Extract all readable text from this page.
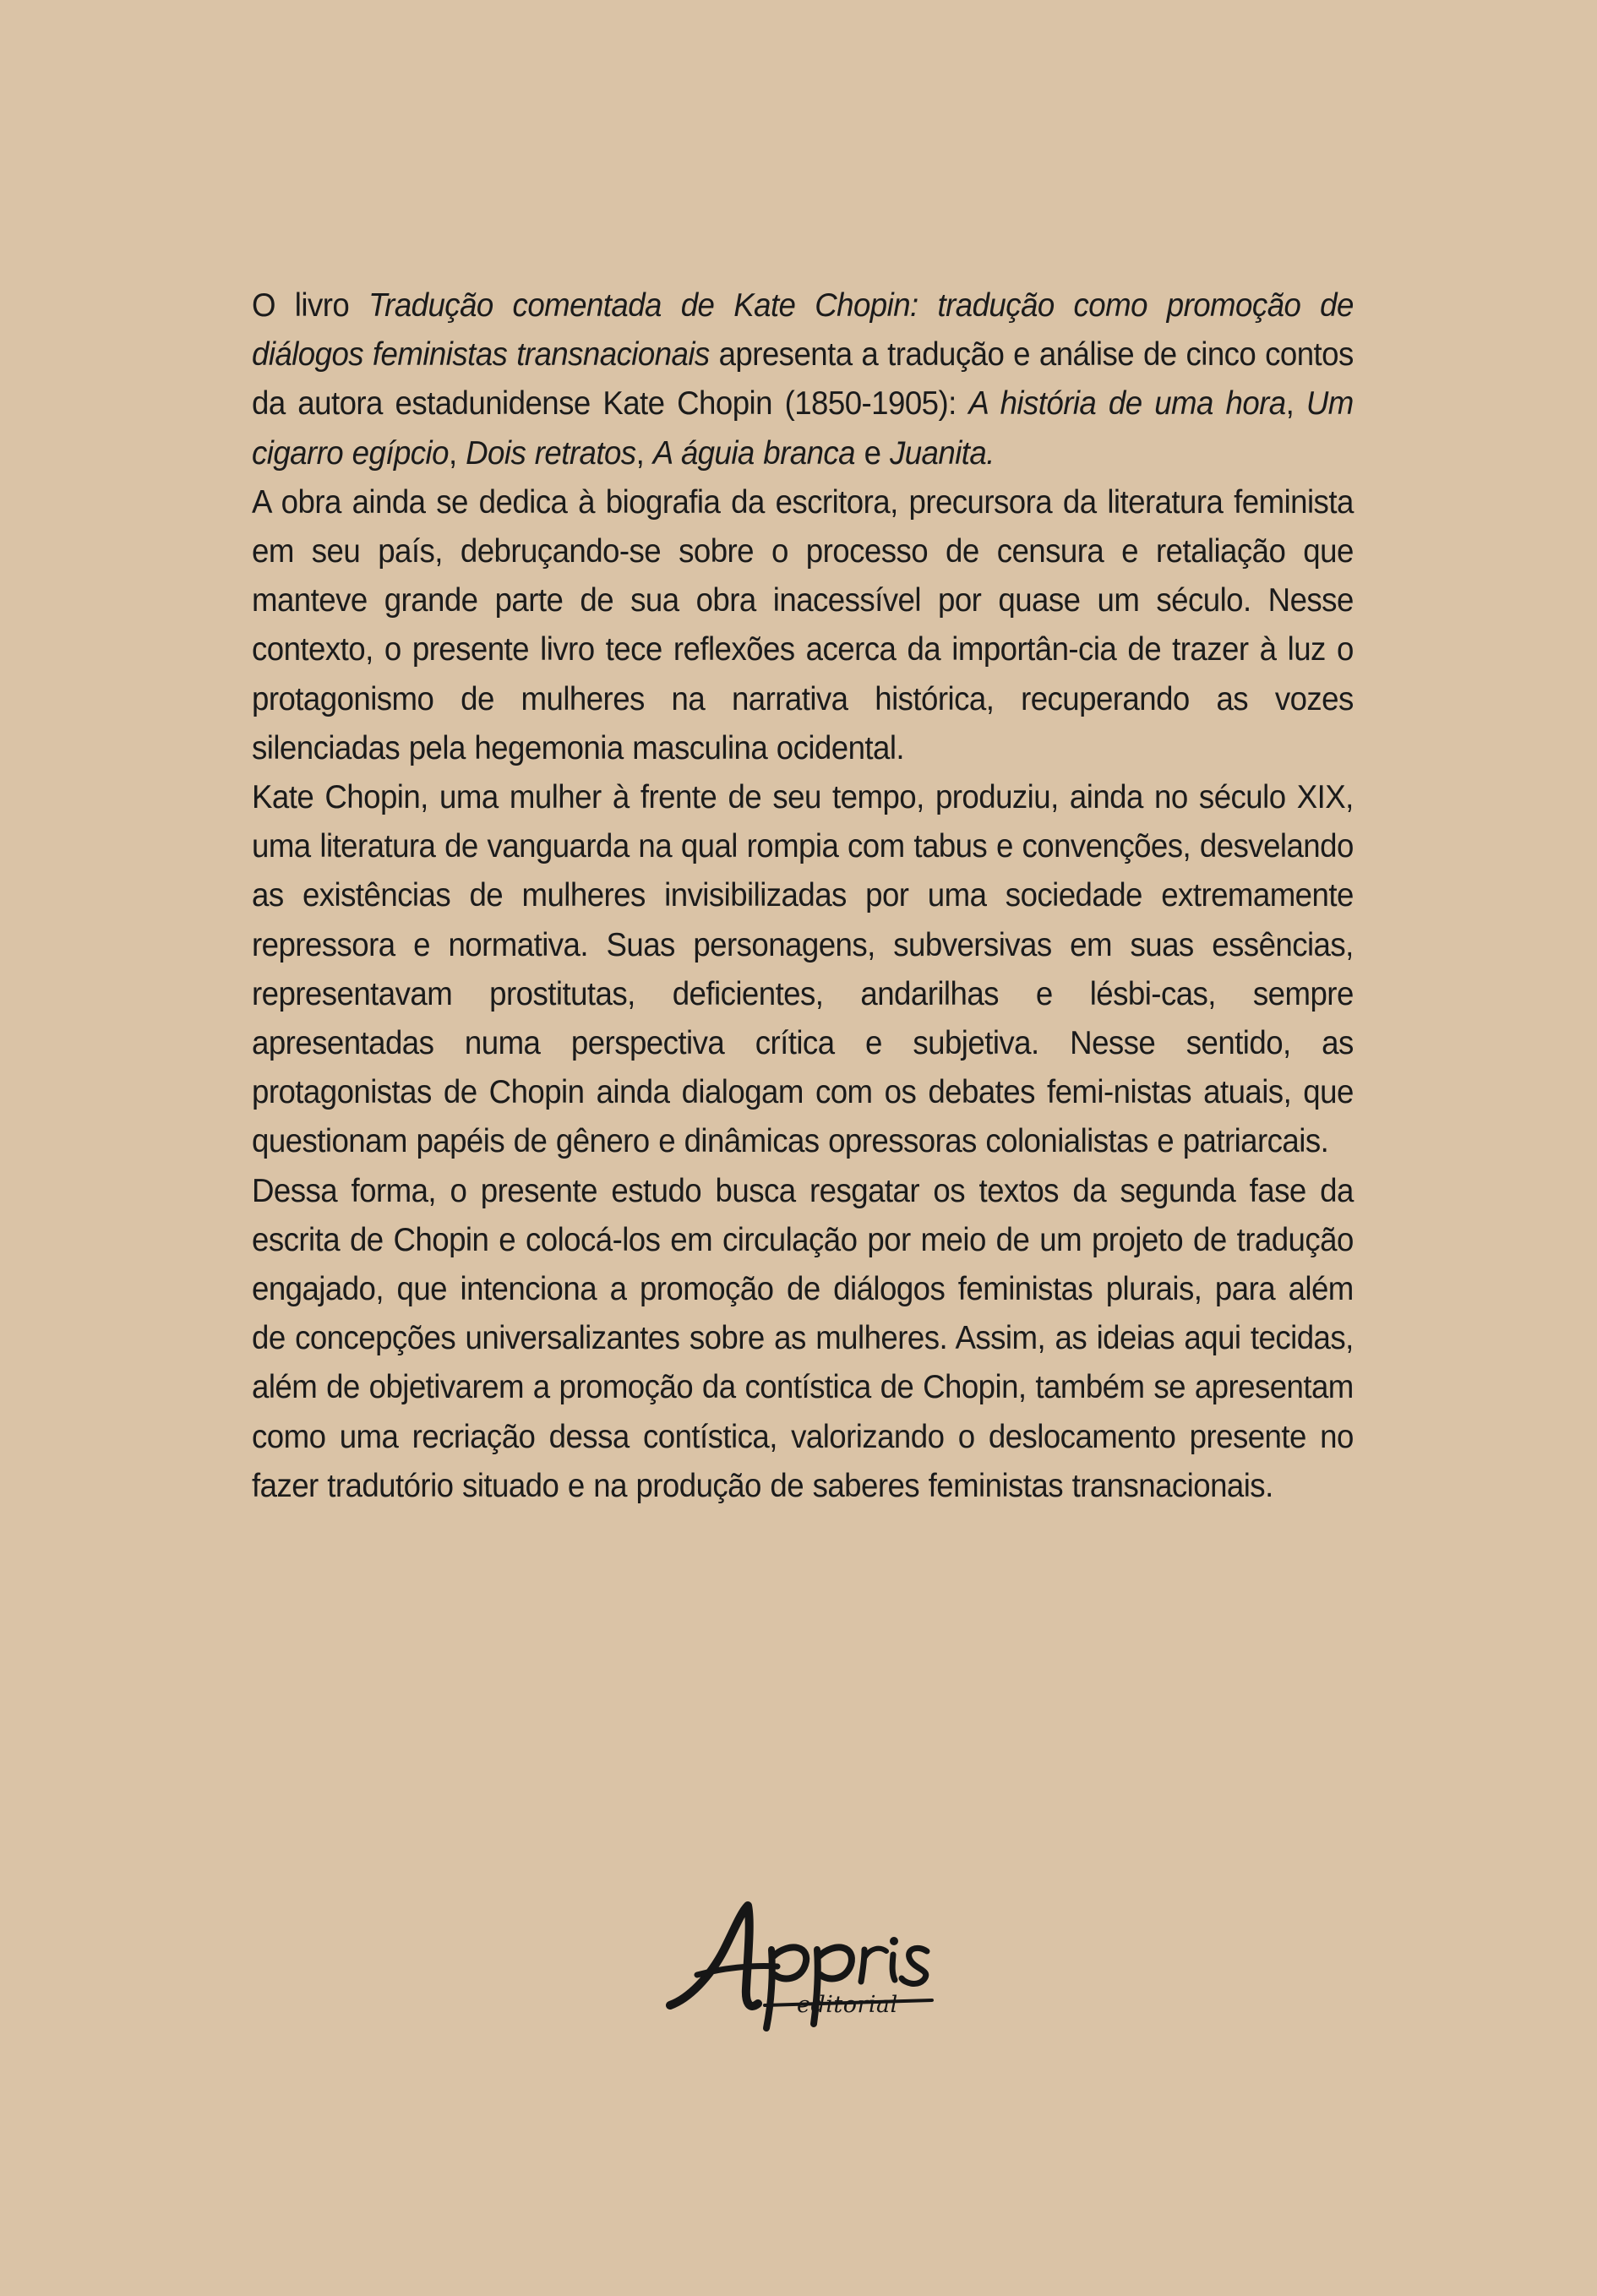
O livro Tradução comentada de Kate Chopin: tradução como promoção de diálogos feministas transnacionais apresenta a tradução e análise de cinco contos da autora estadunidense Kate Chopin (1850-1905): A história de uma hora, Um cigarro egípcio, Dois retratos, A águia branca e Juanita.

A obra ainda se dedica à biografia da escritora, precursora da literatura feminista em seu país, debruçando-se sobre o processo de censura e retaliação que manteve grande parte de sua obra inacessível por quase um século. Nesse contexto, o presente livro tece reflexões acerca da importân-cia de trazer à luz o protagonismo de mulheres na narrativa histórica, recuperando as vozes silenciadas pela hegemonia masculina ocidental.

Kate Chopin, uma mulher à frente de seu tempo, produziu, ainda no século XIX, uma literatura de vanguarda na qual rompia com tabus e convenções, desvelando as existências de mulheres invisibilizadas por uma sociedade extremamente repressora e normativa. Suas personagens, subversivas em suas essências, representavam prostitutas, deficientes, andarilhas e lésbi-cas, sempre apresentadas numa perspectiva crítica e subjetiva. Nesse sentido, as protagonistas de Chopin ainda dialogam com os debates femi-nistas atuais, que questionam papéis de gênero e dinâmicas opressoras colonialistas e patriarcais.

Dessa forma, o presente estudo busca resgatar os textos da segunda fase da escrita de Chopin e colocá-los em circulação por meio de um projeto de tradução engajado, que intenciona a promoção de diálogos feministas plurais, para além de concepções universalizantes sobre as mulheres. Assim, as ideias aqui tecidas, além de objetivarem a promoção da contística de Chopin, também se apresentam como uma recriação dessa contística, valorizando o deslocamento presente no fazer tradutório situado e na produção de saberes feministas transnacionais.

editorial
